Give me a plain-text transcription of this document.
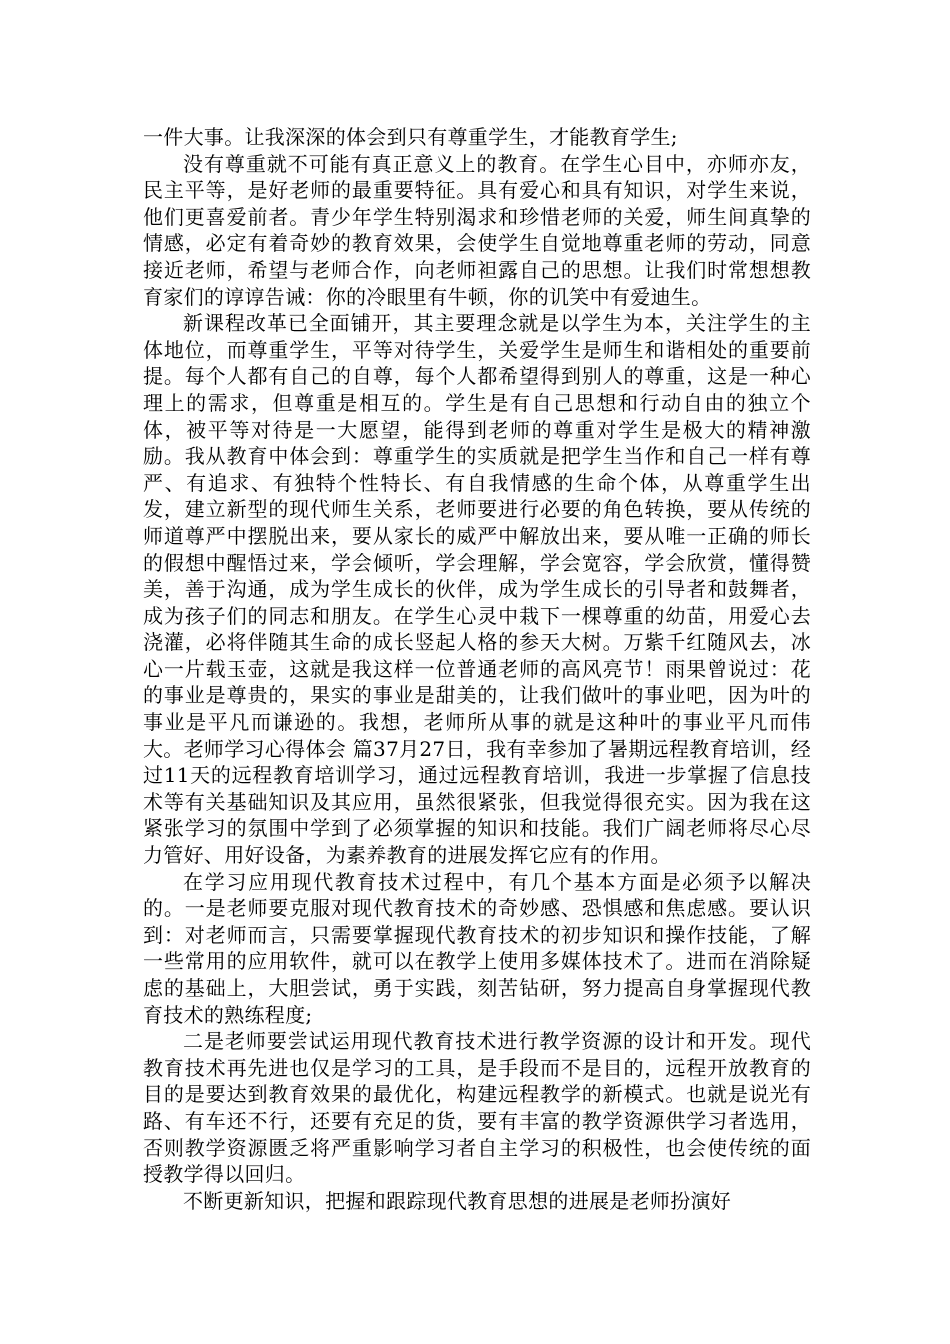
一件大事。让我深深的体会到只有尊重学生，才能教育学生;

没有尊重就不可能有真正意义上的教育。在学生心目中，亦师亦友，民主平等，是好老师的最重要特征。具有爱心和具有知识，对学生来说，他们更喜爱前者。青少年学生特别渴求和珍惜老师的关爱，师生间真挚的情感，必定有着奇妙的教育效果，会使学生自觉地尊重老师的劳动，同意接近老师，希望与老师合作，向老师袒露自己的思想。让我们时常想想教育家们的谆谆告诫：你的冷眼里有牛顿，你的讥笑中有爱迪生。

新课程改革已全面铺开，其主要理念就是以学生为本，关注学生的主体地位，而尊重学生，平等对待学生，关爱学生是师生和谐相处的重要前提。每个人都有自己的自尊，每个人都希望得到别人的尊重，这是一种心理上的需求，但尊重是相互的。学生是有自己思想和行动自由的独立个体，被平等对待是一大愿望，能得到老师的尊重对学生是极大的精神激励。我从教育中体会到：尊重学生的实质就是把学生当作和自己一样有尊严、有追求、有独特个性特长、有自我情感的生命个体，从尊重学生出发，建立新型的现代师生关系，老师要进行必要的角色转换，要从传统的师道尊严中摆脱出来，要从家长的威严中解放出来，要从唯一正确的师长的假想中醒悟过来，学会倾听，学会理解，学会宽容，学会欣赏，懂得赞美，善于沟通，成为学生成长的伙伴，成为学生成长的引导者和鼓舞者，成为孩子们的同志和朋友。在学生心灵中栽下一棵尊重的幼苗，用爱心去浇灌，必将伴随其生命的成长竖起人格的参天大树。万紫千红随风去，冰心一片载玉壶，这就是我这样一位普通老师的高风亮节！雨果曾说过：花的事业是尊贵的，果实的事业是甜美的，让我们做叶的事业吧，因为叶的事业是平凡而谦逊的。我想，老师所从事的就是这种叶的事业平凡而伟大。老师学习心得体会 篇37月27日，我有幸参加了暑期远程教育培训，经过11天的远程教育培训学习，通过远程教育培训，我进一步掌握了信息技术等有关基础知识及其应用，虽然很紧张，但我觉得很充实。因为我在这紧张学习的氛围中学到了必须掌握的知识和技能。我们广阔老师将尽心尽力管好、用好设备，为素养教育的进展发挥它应有的作用。

在学习应用现代教育技术过程中，有几个基本方面是必须予以解决的。一是老师要克服对现代教育技术的奇妙感、恐惧感和焦虑感。要认识到：对老师而言，只需要掌握现代教育技术的初步知识和操作技能，了解一些常用的应用软件，就可以在教学上使用多媒体技术了。进而在消除疑虑的基础上，大胆尝试，勇于实践，刻苦钻研，努力提高自身掌握现代教育技术的熟练程度;

二是老师要尝试运用现代教育技术进行教学资源的设计和开发。现代教育技术再先进也仅是学习的工具，是手段而不是目的，远程开放教育的目的是要达到教育效果的最优化，构建远程教学的新模式。也就是说光有路、有车还不行，还要有充足的货，要有丰富的教学资源供学习者选用，否则教学资源匮乏将严重影响学习者自主学习的积极性，也会使传统的面授教学得以回归。

不断更新知识，把握和跟踪现代教育思想的进展是老师扮演好
